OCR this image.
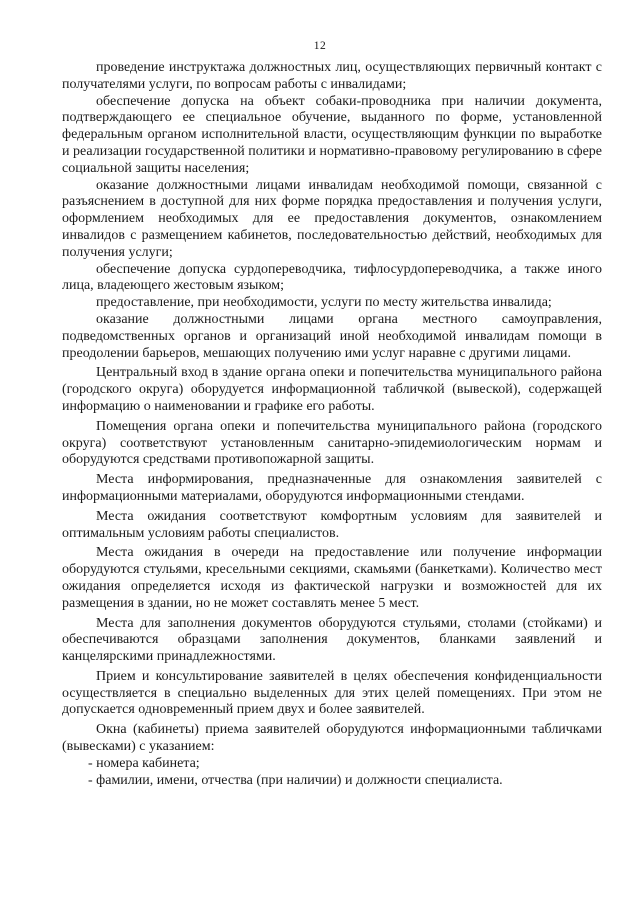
12

проведение инструктажа должностных лиц, осуществляющих первичный контакт с получателями услуги, по вопросам работы с инвалидами;

обеспечение допуска на объект собаки-проводника при наличии документа, подтверждающего ее специальное обучение, выданного по форме, установленной федеральным органом исполнительной власти, осуществляющим функции по выработке и реализации государственной политики и нормативно-правовому регулированию в сфере социальной защиты населения;

оказание должностными лицами инвалидам необходимой помощи, связанной с разъяснением в доступной для них форме порядка предоставления и получения услуги, оформлением необходимых для ее предоставления документов, ознакомлением инвалидов с размещением кабинетов, последовательностью действий, необходимых для получения услуги;

обеспечение допуска сурдопереводчика, тифлосурдопереводчика, а также иного лица, владеющего жестовым языком;

предоставление, при необходимости, услуги по месту жительства инвалида;

оказание должностными лицами органа местного самоуправления, подведомственных органов и организаций иной необходимой инвалидам помощи в преодолении барьеров, мешающих получению ими услуг наравне с другими лицами.

Центральный вход в здание органа опеки и попечительства муниципального района (городского округа) оборудуется информационной табличкой (вывеской), содержащей информацию о наименовании и графике его работы.

Помещения органа опеки и попечительства муниципального района (городского округа) соответствуют установленным санитарно-эпидемиологическим нормам и оборудуются средствами противопожарной защиты.

Места информирования, предназначенные для ознакомления заявителей с информационными материалами, оборудуются информационными стендами.

Места ожидания соответствуют комфортным условиям для заявителей и оптимальным условиям работы специалистов.

Места ожидания в очереди на предоставление или получение информации оборудуются стульями, кресельными секциями, скамьями (банкетками). Количество мест ожидания определяется исходя из фактической нагрузки и возможностей для их размещения в здании, но не может составлять менее 5 мест.

Места для заполнения документов оборудуются стульями, столами (стойками) и обеспечиваются образцами заполнения документов, бланками заявлений и канцелярскими принадлежностями.

Прием и консультирование заявителей в целях обеспечения конфиденциальности осуществляется в специально выделенных для этих целей помещениях. При этом не допускается одновременный прием двух и более заявителей.

Окна (кабинеты) приема заявителей оборудуются информационными табличками (вывесками) с указанием:

- номера кабинета;

- фамилии, имени, отчества (при наличии) и должности специалиста.
